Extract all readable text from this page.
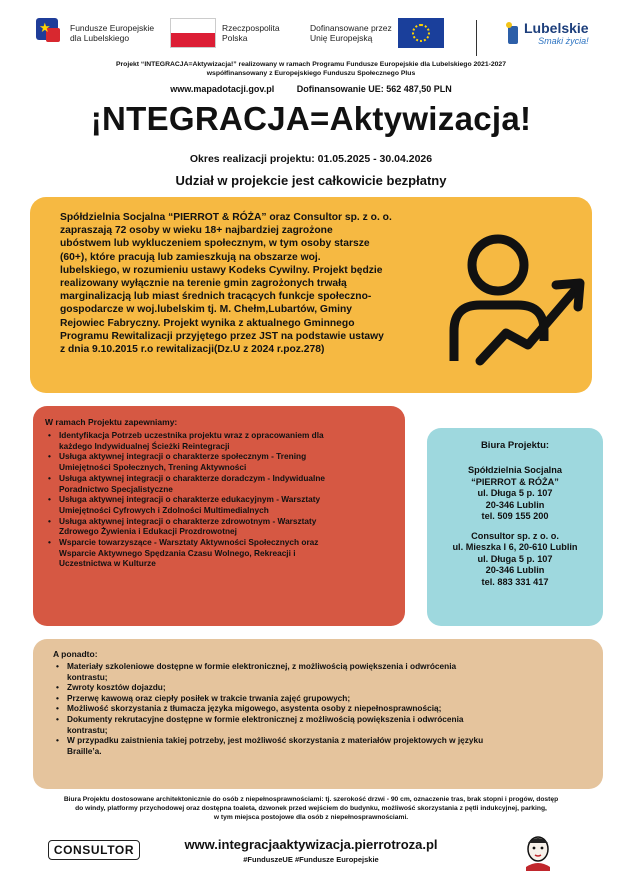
★ Fundusze Europejskie
dla Lubelskiego
Rzeczpospolita
Polska
Dofinansowane przez
Unię Europejską
Lubelskie
Smaki życia!
Projekt “INTEGRACJA=Aktywizacja!” realizowany w ramach Programu Fundusze Europejskie dla Lubelskiego 2021-2027
współfinansowany z Europejskiego Funduszu Społecznego Plus
www.mapadotacji.gov.pl	Dofinansowanie UE: 562 487,50 PLN
¡NTEGRACJA=Aktywizacja!
Okres realizacji projektu: 01.05.2025 - 30.04.2026
Udział w projekcie jest całkowicie bezpłatny
Spółdzielnia Socjalna “PIERROT & RÓŻA” oraz Consultor sp. z o. o.
zapraszają 72 osoby w wieku 18+ najbardziej zagrożone
ubóstwem lub wykluczeniem społecznym, w tym osoby starsze
(60+), które pracują lub zamieszkują na obszarze woj.
lubelskiego, w rozumieniu ustawy Kodeks Cywilny. Projekt będzie
realizowany wyłącznie na terenie gmin zagrożonych trwałą
marginalizacją lub miast średnich tracących funkcje społeczno-
gospodarcze w woj.lubelskim tj. M. Chełm,Lubartów, Gminy
Rejowiec Fabryczny. Projekt wynika z aktualnego Gminnego
Programu Rewitalizacji przyjętego przez JST na podstawie ustawy
z dnia 9.10.2015 r.o rewitalizacji(Dz.U z 2024 r.poz.278)
W ramach Projektu zapewniamy:
• Identyfikacja Potrzeb uczestnika projektu wraz z opracowaniem dla
każdego Indywidualnej Ścieżki Reintegracji
• Usługa aktywnej integracji o charakterze społecznym - Trening
Umiejętności Społecznych, Trening Aktywności
• Usługa aktywnej integracji o charakterze doradczym - Indywidualne
Poradnictwo Specjalistyczne
• Usługa aktywnej integracji o charakterze edukacyjnym - Warsztaty
Umiejętności Cyfrowych i Zdolności Multimedialnych
• Usługa aktywnej integracji o charakterze zdrowotnym - Warsztaty
Zdrowego Żywienia i Edukacji Prozdrowotnej
• Wsparcie towarzyszące - Warsztaty Aktywności Społecznych oraz
Wsparcie Aktywnego Spędzania Czasu Wolnego, Rekreacji i
Uczestnictwa w Kulturze
Biura Projektu:
Spółdzielnia Socjalna
“PIERROT & RÓŻA”
ul. Długa 5 p. 107
20-346 Lublin
tel. 509 155 200
Consultor sp. z o. o.
ul. Mieszka I 6, 20-610 Lublin
ul. Długa 5 p. 107
20-346 Lublin
tel. 883 331 417
A ponadto:
• Materiały szkoleniowe dostępne w formie elektronicznej, z możliwością powiększenia i odwrócenia
kontrastu;
• Zwroty kosztów dojazdu;
• Przerwę kawową oraz ciepły posiłek w trakcie trwania zajęć grupowych;
• Możliwość skorzystania z tłumacza języka migowego, asystenta osoby z niepełnosprawnością;
• Dokumenty rekrutacyjne dostępne w formie elektronicznej z możliwością powiększenia i odwrócenia
kontrastu;
• W przypadku zaistnienia takiej potrzeby, jest możliwość skorzystania z materiałów projektowych w języku
Braille’a.
Biura Projektu dostosowane architektonicznie do osób z niepełnosprawnościami: tj. szerokość drzwi - 90 cm, oznaczenie tras, brak stopni i progów, dostęp
do windy, platformy przychodowej oraz dostępna toaleta, dzwonek przed wejściem do budynku, możliwość skorzystania z pętli indukcyjnej, parking,
w tym miejsca postojowe dla osób z niepełnosprawnościami.
CONSULTOR	www.integracjaaktywizacja.pierrotroza.pl
#FunduszeUE #Fundusze Europejskie
